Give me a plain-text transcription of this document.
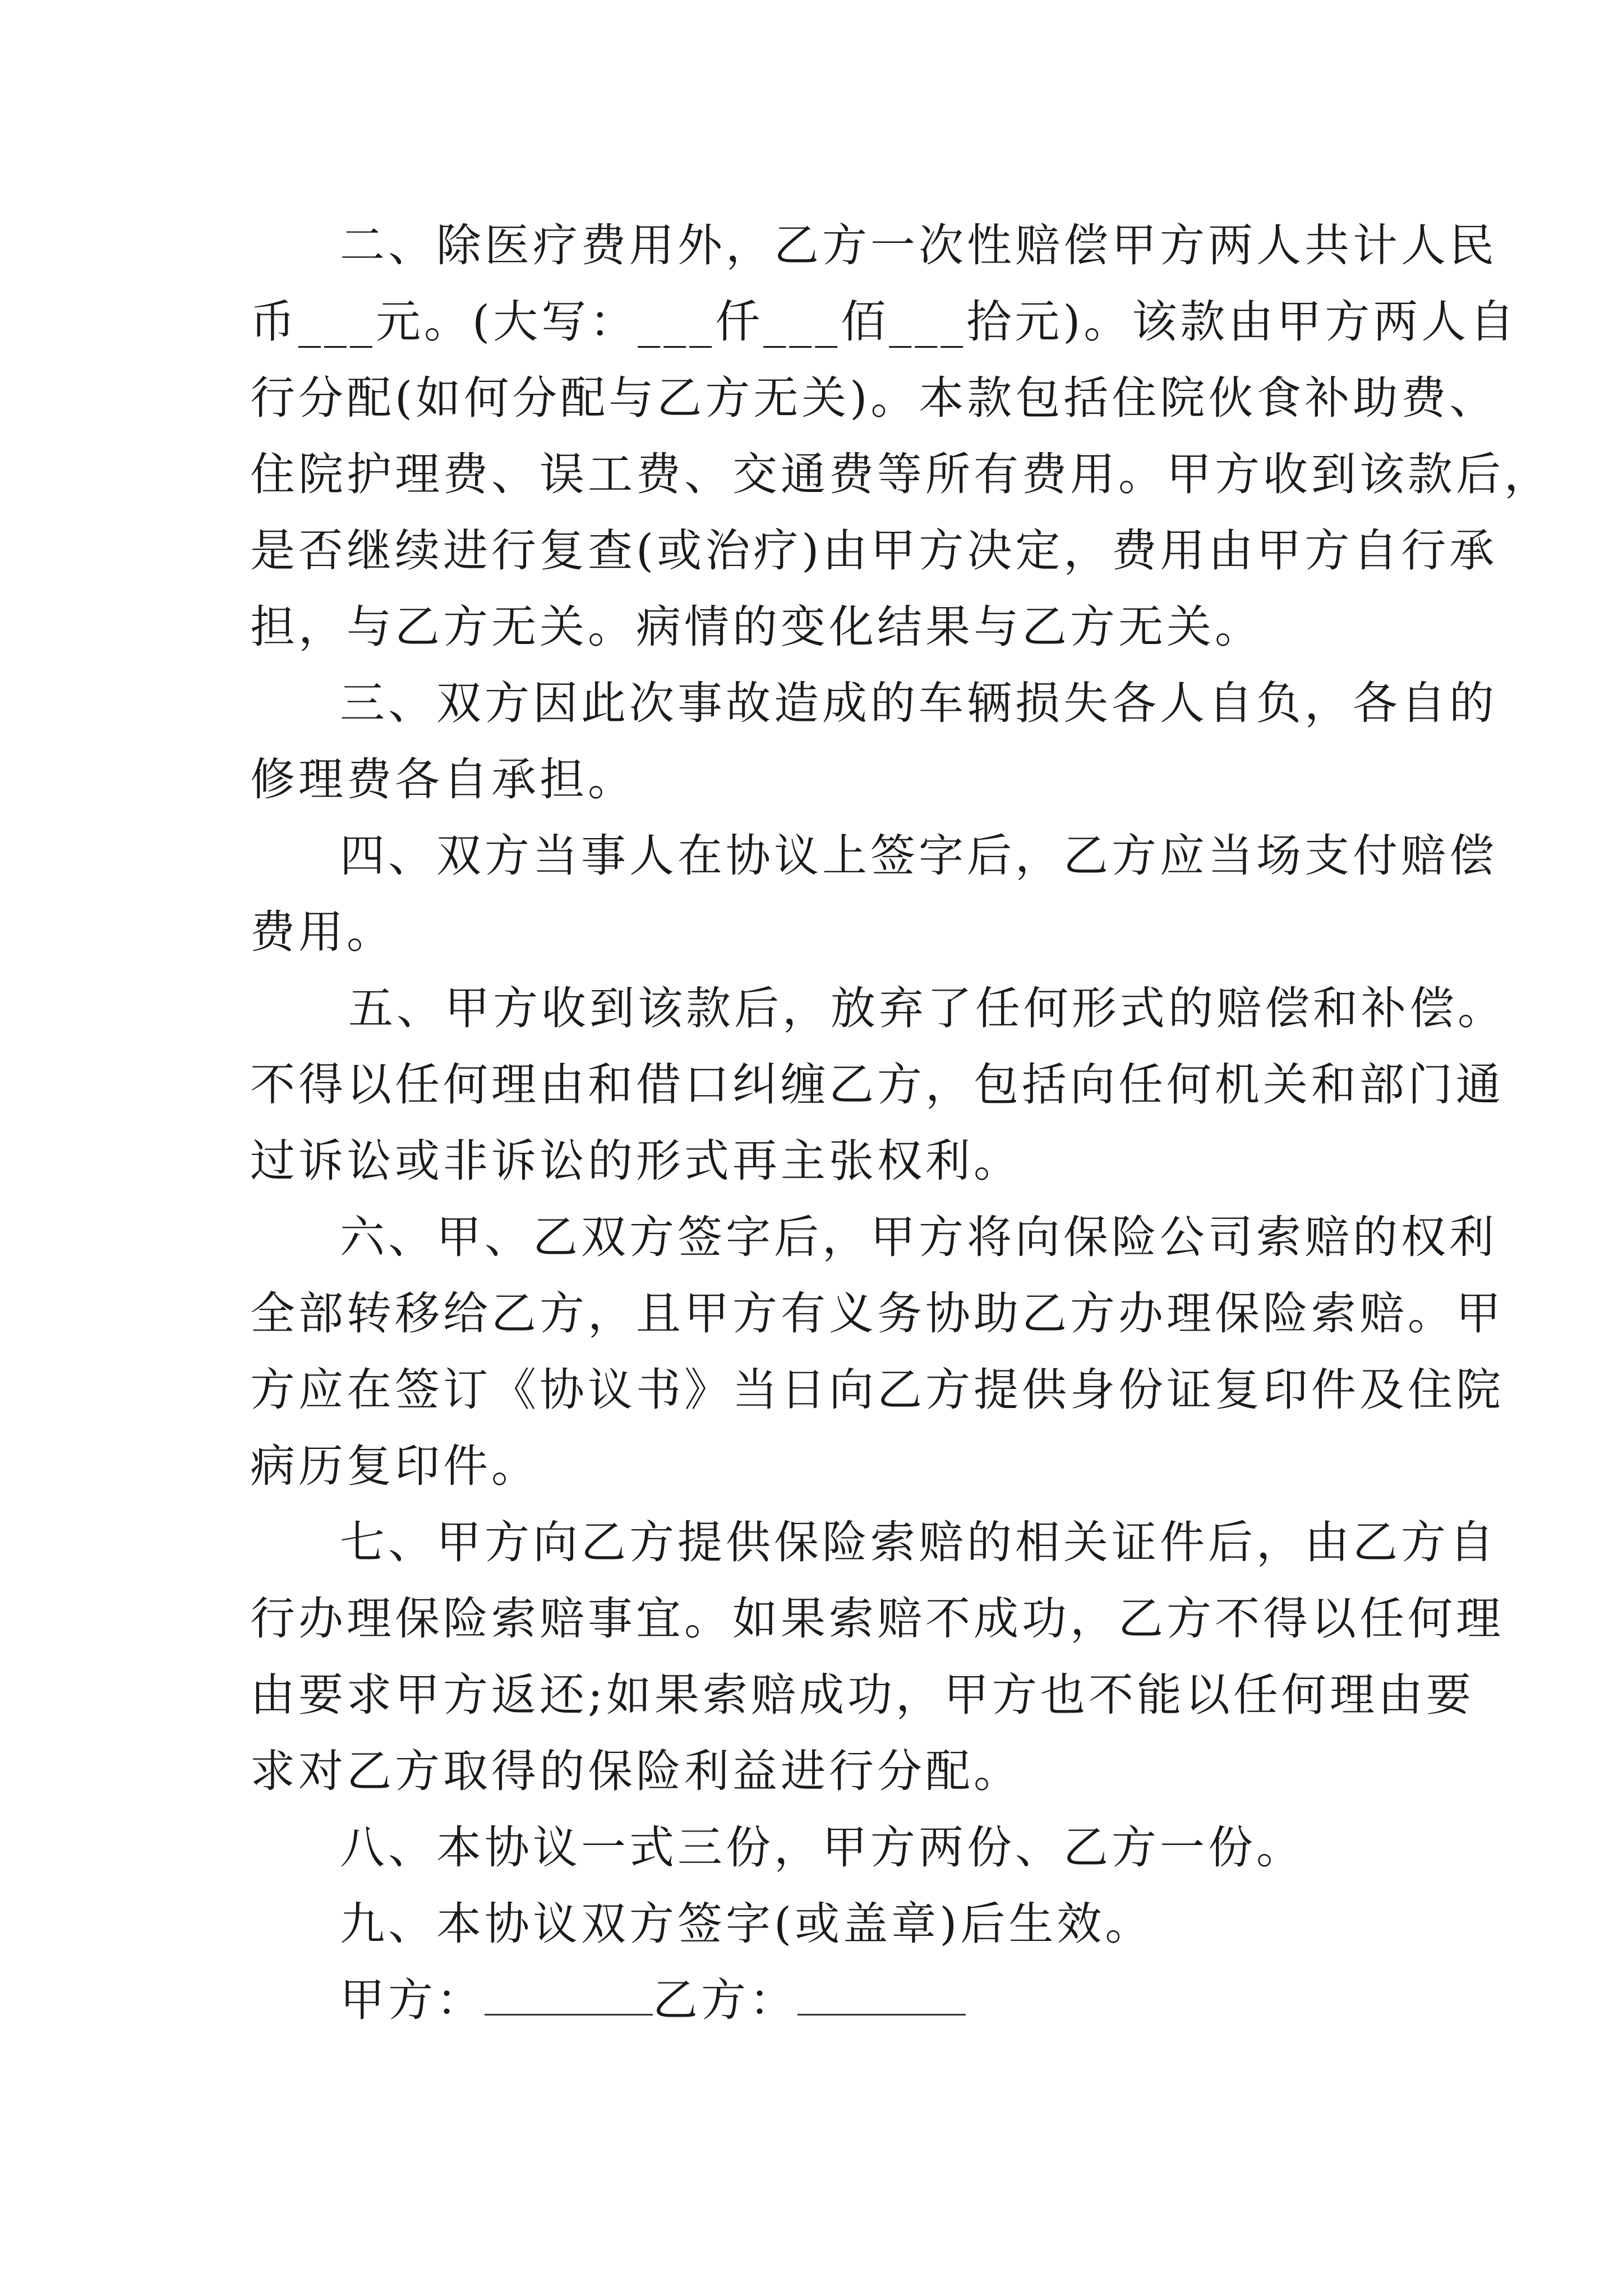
二、除医疗费用外，乙方一次性赔偿甲方两人共计人民
币___元。(大写：___仟___佰___拾元)。该款由甲方两人自
行分配(如何分配与乙方无关)。本款包括住院伙食补助费、
住院护理费、误工费、交通费等所有费用。甲方收到该款后，
是否继续进行复查(或治疗)由甲方决定，费用由甲方自行承
担，与乙方无关。病情的变化结果与乙方无关。
三、双方因此次事故造成的车辆损失各人自负，各自的
修理费各自承担。
四、双方当事人在协议上签字后，乙方应当场支付赔偿
费用。
五、甲方收到该款后，放弃了任何形式的赔偿和补偿。
不得以任何理由和借口纠缠乙方，包括向任何机关和部门通
过诉讼或非诉讼的形式再主张权利。
六、甲、乙双方签字后，甲方将向保险公司索赔的权利
全部转移给乙方，且甲方有义务协助乙方办理保险索赔。甲
方应在签订《协议书》当日向乙方提供身份证复印件及住院
病历复印件。
七、甲方向乙方提供保险索赔的相关证件后，由乙方自
行办理保险索赔事宜。如果索赔不成功，乙方不得以任何理
由要求甲方返还;如果索赔成功，甲方也不能以任何理由要
求对乙方取得的保险利益进行分配。
八、本协议一式三份，甲方两份、乙方一份。
九、本协议双方签字(或盖章)后生效。
甲方：	乙方：
